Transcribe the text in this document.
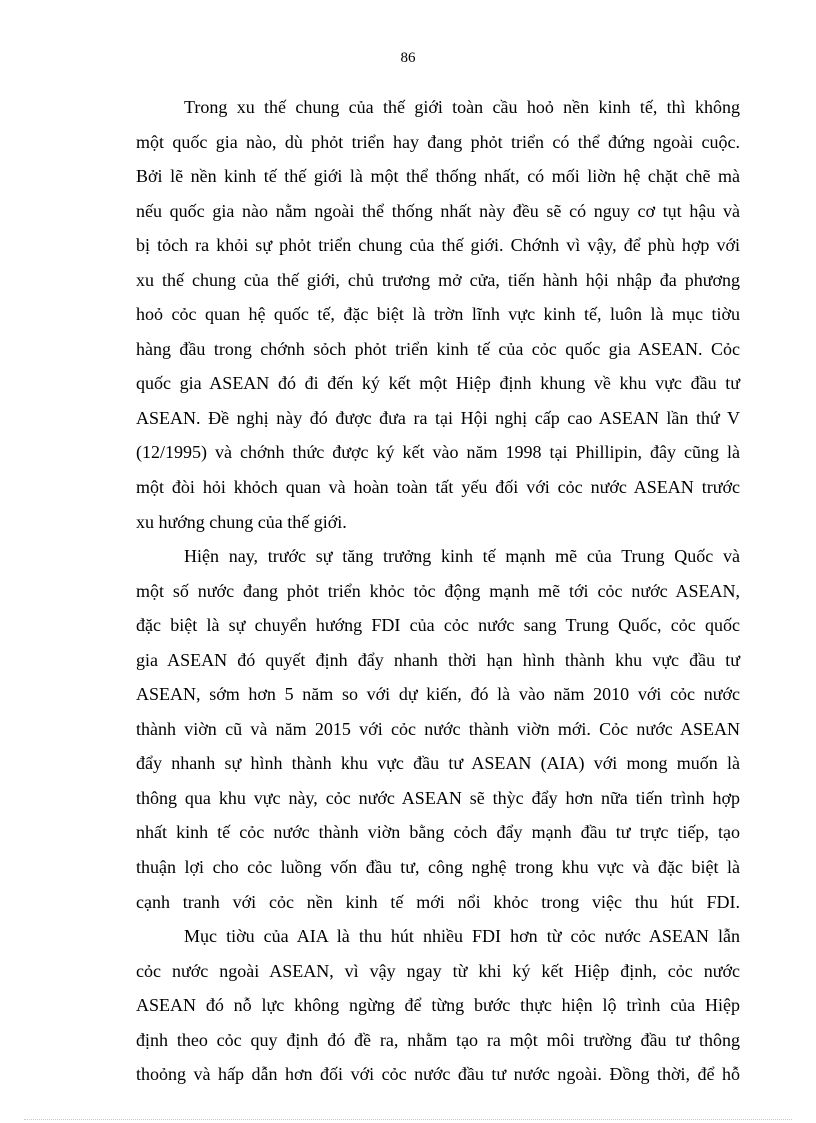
86
Trong xu thế chung của thế giới toàn cầu hoỏ nền kinh tế, thì không
một quốc gia nào, dù phỏt triển hay đang phỏt triển có thể đứng ngoài cuộc.
Bởi lẽ nền kinh tế thế giới là một thể thống nhất, có mối liờn hệ chặt chẽ mà
nếu quốc gia nào nằm ngoài thể thống nhất này đều sẽ có nguy cơ tụt hậu và
bị tỏch ra khỏi sự phỏt triển chung của thế giới. Chớnh vì vậy, để phù hợp với
xu thế chung của thế giới, chủ trương mở cửa, tiến hành hội nhập đa phương
hoỏ cỏc quan hệ quốc tế, đặc biệt là trờn lĩnh vực kinh tế, luôn là mục tiờu
hàng đầu trong chớnh sỏch phỏt triển kinh tế của cỏc quốc gia ASEAN. Cỏc
quốc gia ASEAN đó đi đến ký kết một Hiệp định khung về khu vực đầu tư
ASEAN. Đề nghị này đó được đưa ra tại Hội nghị cấp cao ASEAN lần thứ V
(12/1995) và chớnh thức được ký kết vào năm 1998 tại Phillipin, đây cũng là
một đòi hỏi khỏch quan và hoàn toàn tất yếu đối với cỏc nước ASEAN trước
xu hướng chung của thế giới.
Hiện nay, trước sự tăng trưởng kinh tế mạnh mẽ của Trung Quốc và
một số nước đang phỏt triển khỏc tỏc động mạnh mẽ tới cỏc nước ASEAN,
đặc biệt là sự chuyển hướng FDI của cỏc nước sang Trung Quốc, cỏc quốc
gia ASEAN đó quyết định đẩy nhanh thời hạn hình thành khu vực đầu tư
ASEAN, sớm hơn 5 năm so với dự kiến, đó là vào năm 2010 với cỏc nước
thành viờn cũ và năm 2015 với cỏc nước thành viờn mới. Cỏc nước ASEAN
đẩy nhanh sự hình thành khu vực đầu tư ASEAN (AIA) với mong muốn là
thông qua khu vực này, cỏc nước ASEAN sẽ thỳc đẩy hơn nữa tiến trình hợp
nhất kinh tế cỏc nước thành viờn bằng cỏch đẩy mạnh đầu tư trực tiếp, tạo
thuận lợi cho cỏc luồng vốn đầu tư, công nghệ trong khu vực và đặc biệt là
cạnh tranh với cỏc nền kinh tế mới nổi khỏc trong việc thu hút FDI.
Mục tiờu của AIA là thu hút nhiều FDI hơn từ cỏc nước ASEAN lẫn
cỏc nước ngoài ASEAN, vì vậy ngay từ khi ký kết Hiệp định, cỏc nước
ASEAN đó nỗ lực không ngừng để từng bước thực hiện lộ trình của Hiệp
định theo cỏc quy định đó đề ra, nhằm tạo ra một môi trường đầu tư thông
thoỏng và hấp dẫn hơn đối với cỏc nước đầu tư nước ngoài. Đồng thời, để hỗ
